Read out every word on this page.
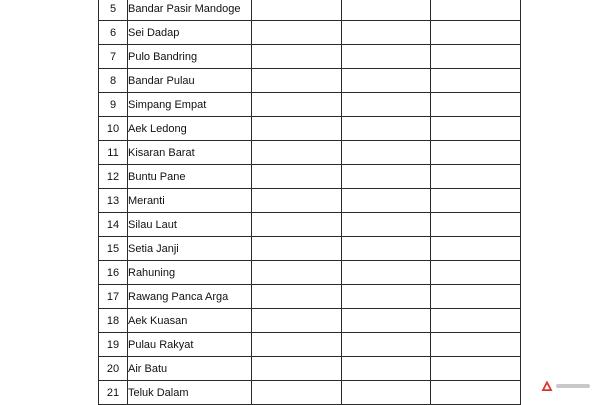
5	Bandar Pasir Mandoge			
6	Sei Dadap			
7	Pulo Bandring			
8	Bandar Pulau			
9	Simpang Empat			
10	Aek Ledong			
11	Kisaran Barat			
12	Buntu Pane			
13	Meranti			
14	Silau Laut			
15	Setia Janji			
16	Rahuning			
17	Rawang Panca Arga			
18	Aek Kuasan			
19	Pulau Rakyat			
20	Air Batu			
21	Teluk Dalam			
